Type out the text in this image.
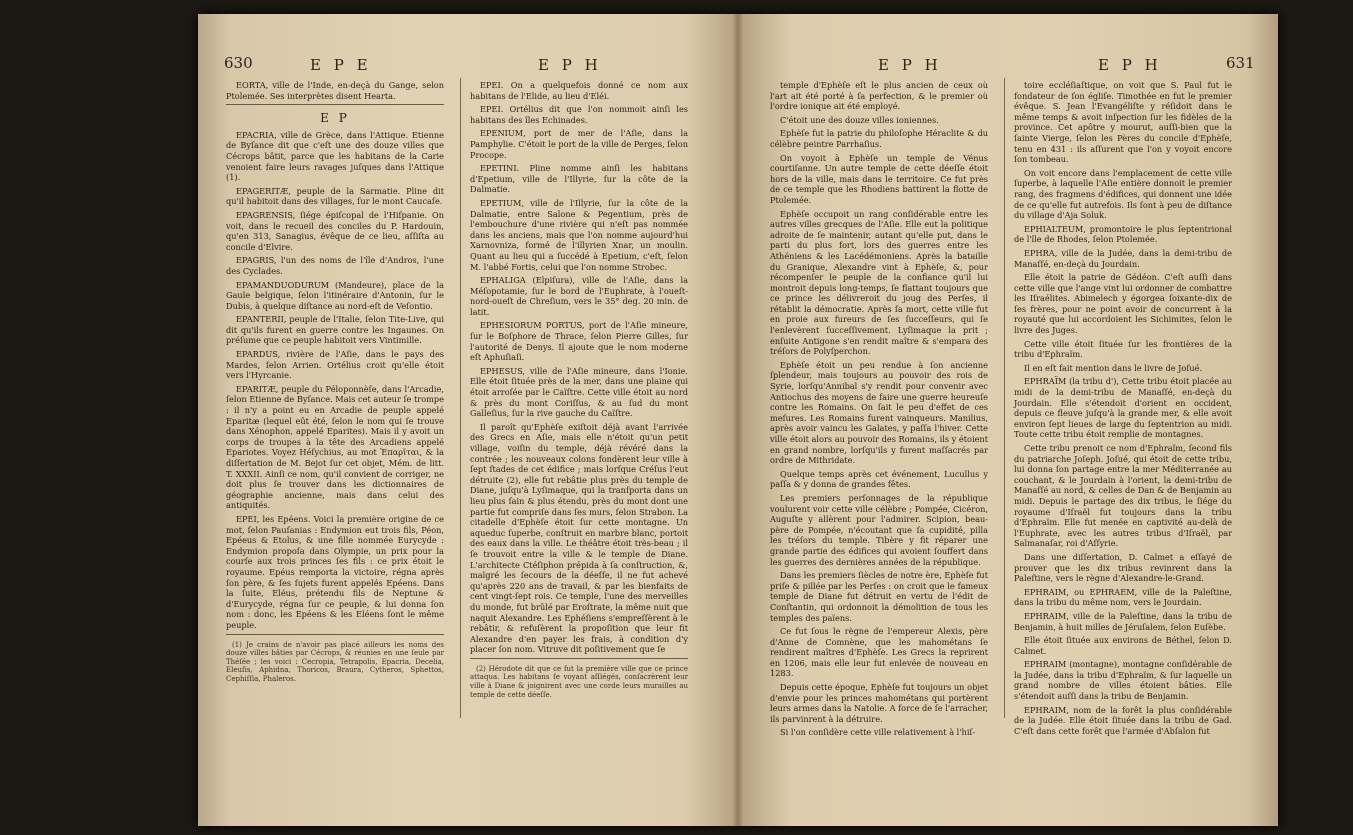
630	E P E	E P H

EORTA, ville de l'Inde, en-deçà du Gange, selon Ptolemée. Ses interprètes disent Hearta.

E P

EPACRIA, ville de Grèce, dans l'Attique. Etienne de Byſance dit que c'eſt une des douze villes que Cécrops bâtit, parce que les habitans de la Carie venoient faire leurs ravages juſques dans l'Attique (1).

EPAGERITÆ, peuple de la Sarmatie. Pline dit qu'il habitoit dans des villages, ſur le mont Caucaſe.

EPAGRENSIS, ſiége épiſcopal de l'Hiſpanie. On voit, dans le recueil des conciles du P. Hardouin, qu'en 313, Sanagius, évêque de ce lieu, aſſiſta au concile d'Elvire.

EPAGRIS, l'un des noms de l'île d'Andros, l'une des Cyclades.

EPAMANDUODURUM (Mandeure), place de la Gaule belgique, ſelon l'itinéraire d'Antonin, ſur le Dubis, à quelque diſtance au nord-eſt de Veſontio.

EPANTERII, peuple de l'Italie, ſelon Tite-Live, qui dit qu'ils furent en guerre contre les Ingaunes. On préſume que ce peuple habitoit vers Vintimille.

EPARDUS, rivière de l'Aſie, dans le pays des Mardes, ſelon Arrien. Ortélius croit qu'elle étoit vers l'Hyrcanie.

EPARITÆ, peuple du Péloponnèſe, dans l'Arcadie, ſelon Etienne de Byſance. Mais cet auteur ſe trompe : il n'y a point eu en Arcadie de peuple appelé Eparitæ (lequel eût été, ſelon le nom qui ſe trouve dans Xénophon, appelé Eparites). Mais il y avoit un corps de troupes à la tête des Arcadiens appelé Epariotes. Voyez Héſychius, au mot Ἐπαρῖται, & la diſſertation de M. Bejot ſur cet objet, Mém. de litt. T. XXXII. Ainſi ce nom, qu'il convient de corriger, ne doit plus ſe trouver dans les dictionnaires de géographie ancienne, mais dans celui des antiquités.

EPEI, les Epéens. Voici la première origine de ce mot, ſelon Pauſanias : Endymion eut trois fils, Péon, Epéeus & Etolus, & une fille nommée Eurycyde : Endymion propoſa dans Olympie, un prix pour la courſe aux trois princes ſes fils : ce prix étoit le royaume. Epéus remporta la victoire, régna après ſon père, & ſes ſujets furent appelés Epéens. Dans la ſuite, Eléus, prétendu fils de Neptune & d'Eurycyde, régna ſur ce peuple, & lui donna ſon nom : donc, les Epéens & les Eléens ſont le même peuple.

(1) Je crains de n'avoir pas placé ailleurs les noms des douze villes bâties par Cécrops, & réunies en une ſeule par Théſée ; les voici : Cecropia, Tetrapolis, Epacria, Decelia, Eleuſis, Aphidna, Thoricos, Braura, Cytheros, Sphettos, Cephiſſia, Phaleros.

EPEI. On a quelquefois donné ce nom aux habitans de l'Elide, au lieu d'Eléi.

EPEI. Ortélius dit que l'on nommoit ainſi les habitans des îles Echinades.

EPENIUM, port de mer de l'Aſie, dans la Pamphylie. C'étoit le port de la ville de Perges, ſelon Procope.

EPETINI. Pline nomme ainſi les habitans d'Epetium, ville de l'Illyrie, ſur la côte de la Dalmatie.

EPETIUM, ville de l'Illyrie, ſur la côte de la Dalmatie, entre Salone & Pegentium, près de l'embouchure d'une rivière qui n'eſt pas nommée dans les anciens, mais que l'on nomme aujourd'hui Xarnovniza, formé de l'illyrien Xnar, un moulin. Quant au lieu qui a ſuccédé à Epetium, c'eſt, ſelon M. l'abbé Fortis, celui que l'on nomme Strobec.

EPHALIGA (Elpiſura), ville de l'Aſie, dans la Méſopotamie, ſur le bord de l'Euphrate, à l'oueſt-nord-oueſt de Chreſium, vers le 35° deg. 20 min. de latit.

EPHESIORUM PORTUS, port de l'Aſie mineure, ſur le Boſphore de Thrace, ſelon Pierre Gilles, ſur l'autorité de Denys. Il ajoute que le nom moderne eſt Aphuſiaſi.

EPHESUS, ville de l'Aſie mineure, dans l'Ionie. Elle étoit ſituée près de la mer, dans une plaine qui étoit arroſée par le Caïſtre. Cette ville étoit au nord & près du mont Coriſſus, & au ſud du mont Galleſius, ſur la rive gauche du Caïſtre.

Il paroît qu'Ephèſe exiſtoit déjà avant l'arrivée des Grecs en Aſie, mais elle n'étoit qu'un petit village, voiſin du temple, déjà révéré dans la contrée ; les nouveaux colons fondèrent leur ville à ſept ſtades de cet édifice ; mais lorſque Créſus l'eut détruite (2), elle fut rebâtie plus près du temple de Diane, juſqu'à Lyſimaque, qui la tranſporta dans un lieu plus ſain & plus étendu, près du mont dont une partie fut compriſe dans ſes murs, ſelon Strabon. La citadelle d'Ephèſe étoit ſur cette montagne. Un aqueduc ſuperbe, conſtruit en marbre blanc, portoit des eaux dans la ville. Le théâtre étoit très-beau ; il ſe trouvoit entre la ville & le temple de Diane. L'architecte Ctéſiphon prépida à ſa conſtruction, &, malgré les ſecours de la déeſſe, il ne fut achevé qu'après 220 ans de travail, & par les bienfaits de cent vingt-ſept rois. Ce temple, l'une des merveilles du monde, fut brûlé par Eroſtrate, la même nuit que naquit Alexandre. Les Ephéſiens s'empreſſèrent à le rebâtir, & refuſèrent la propoſition que leur fit Alexandre d'en payer les frais, à condition d'y placer ſon nom. Vitruve dit poſitivement que ſe

(2) Hérodote dit que ce fut la première ville que ce prince attaqua. Les habitans ſe voyant aſſiégés, conſacrèrent leur ville à Diane & joignirent avec une corde leurs murailles au temple de cette déeſſe.
E P H	E P H	631

temple d'Ephèſe eſt le plus ancien de ceux où l'art ait été porté à ſa perfection, & le premier où l'ordre ionique ait été employé.

C'étoit une des douze villes ioniennes.

Ephèſe fut la patrie du philoſophe Héraclite & du célèbre peintre Parrhaſius.

On voyoit à Ephèſe un temple de Vénus courtiſanne. Un autre temple de cette déeſſe étoit hors de la ville, mais dans le territoire. Ce fut près de ce temple que les Rhodiens battirent la flotte de Ptolemée.

Ephèſe occupoit un rang conſidérable entre les autres villes grecques de l'Aſie. Elle eut la politique adroite de ſe maintenir, autant qu'elle put, dans le parti du plus fort, lors des guerres entre les Athéniens & les Lacédémoniens. Après la bataille du Granique, Alexandre vint à Ephèſe, &, pour récompenſer le peuple de la confiance qu'il lui montroit depuis long-temps, ſe flattant toujours que ce prince les délivreroit du joug des Perſes, il rétablit la démocratie. Après ſa mort, cette ville fut en proie aux fureurs de ſes ſucceſſeurs, qui ſe l'enlevèrent ſucceſſivement. Lyſimaque la prit ; enſuite Antigone s'en rendit maître & s'empara des tréſors de Polyſperchon.

Ephèſe étoit un peu rendue à ſon ancienne ſplendeur, mais toujours au pouvoir des rois de Syrie, lorſqu'Annibal s'y rendit pour convenir avec Antiochus des moyens de faire une guerre heureuſe contre les Romains. On ſait le peu d'effet de ces meſures. Les Romains furent vainqueurs. Manilius, après avoir vaincu les Galates, y paſſa l'hiver. Cette ville étoit alors au pouvoir des Romains, ils y étoient en grand nombre, lorſqu'ils y furent maſſacrés par ordre de Mithridate.

Quelque temps après cet événement, Lucullus y paſſa & y donna de grandes fêtes.

Les premiers perſonnages de la république voulurent voir cette ville célèbre ; Pompée, Cicéron, Auguſte y allèrent pour l'admirer. Scipion, beau-père de Pompée, n'écoutant que ſa cupidité, pilla les tréſors du temple. Tibère y fit réparer une grande partie des édifices qui avoient ſouffert dans les guerres des dernières années de la république.

Dans les premiers ſiècles de notre ère, Ephèſe fut priſe & pillée par les Perſes : on croit que le fameux temple de Diane fut détruit en vertu de l'édit de Conſtantin, qui ordonnoit la démolition de tous les temples des païens.

Ce fut ſous le règne de l'empereur Alexis, père d'Anne de Comnène, que les mahométans ſe rendirent maîtres d'Ephèſe. Les Grecs la reprirent en 1206, mais elle leur fut enlevée de nouveau en 1283.

Depuis cette époque, Ephèſe fut toujours un objet d'envie pour les princes mahométans qui portèrent leurs armes dans la Natolie. A force de ſe l'arracher, ils parvinrent à la détruire.

Si l'on conſidère cette ville relativement à l'hiſ-

toire eccléſiaſtique, on voit que S. Paul fut le fondateur de ſon égliſe. Timothée en fut le premier évêque. S. Jean l'Evangéliſte y réſidoit dans le même temps & avoit inſpection ſur les fidèles de la province. Cet apôtre y mourut, auſſi-bien que la ſainte Vierge, ſelon les Pères du concile d'Ephèſe, tenu en 431 : ils aſſurent que l'on y voyoit encore ſon tombeau.

On voit encore dans l'emplacement de cette ville ſuperbe, à laquelle l'Aſie entière donnoit le premier rang, des fragmens d'édifices, qui donnent une idée de ce qu'elle fut autrefois. Ils ſont à peu de diſtance du village d'Aja Soluk.

EPHIALTEUM, promontoire le plus ſeptentrional de l'île de Rhodes, ſelon Ptolemée.

EPHRA, ville de la Judée, dans la demi-tribu de Manaſſé, en-deçà du Jourdain.

Elle étoit la patrie de Gédéon. C'eſt auſſi dans cette ville que l'ange vint lui ordonner de combattre les Iſraélites. Abimelech y égorgea ſoixante-dix de ſes frères, pour ne point avoir de concurrent à la royauté que lui accordoient les Sichimites, ſelon le livre des Juges.

Cette ville étoit ſituée ſur les frontières de la tribu d'Ephraïm.

Il en eſt fait mention dans le livre de Joſué.

EPHRAÏM (la tribu d'), Cette tribu étoit placée au midi de la demi-tribu de Manaſſé, en-deçà du Jourdain. Elle s'étendoit d'orient en occident, depuis ce fleuve juſqu'à la grande mer, & elle avoit environ ſept lieues de large du ſeptentrion au midi. Toute cette tribu étoit remplie de montagnes.

Cette tribu prenoit ce nom d'Ephraïm, ſecond fils du patriarche Joſeph. Joſué, qui étoit de cette tribu, lui donna ſon partage entre la mer Méditerranée au couchant, & le Jourdain à l'orient, la demi-tribu de Manaſſé au nord, & celles de Dan & de Benjamin au midi. Depuis le partage des dix tribus, le ſiége du royaume d'Iſraël fut toujours dans la tribu d'Ephraïm. Elle fut menée en captivité au-delà de l'Euphrate, avec les autres tribus d'Iſraël, par Salmanaſar, roi d'Aſſyrie.

Dans une diſſertation, D. Calmet a eſſayé de prouver que les dix tribus revinrent dans la Paleſtine, vers le règne d'Alexandre-le-Grand.

EPHRAIM, ou EPHRAEM, ville de la Paleſtine, dans la tribu du même nom, vers le Jourdain.

EPHRAIM, ville de la Paleſtine, dans la tribu de Benjamin, à huit milles de Jéruſalem, ſelon Euſèbe.

Elle étoit ſituée aux environs de Béthel, ſelon D. Calmet.

EPHRAIM (montagne), montagne conſidérable de la Judée, dans la tribu d'Ephraïm, & ſur laquelle un grand nombre de villes étoient bâties. Elle s'étendoit auſſi dans la tribu de Benjamin.

EPHRAIM, nom de la forêt la plus conſidérable de la Judée. Elle étoit ſituée dans la tribu de Gad. C'eſt dans cette forêt que l'armée d'Abſalon fut
